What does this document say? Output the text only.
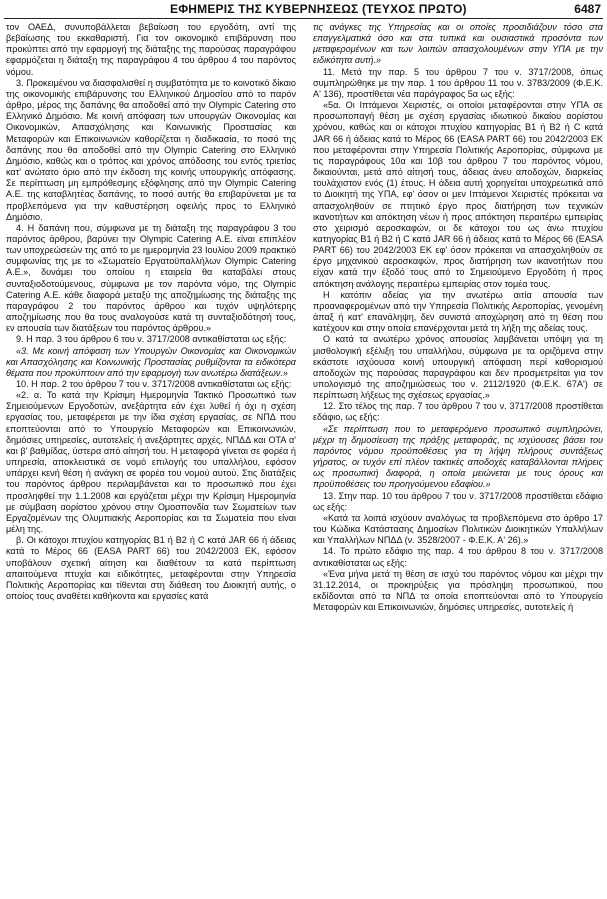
ΕΦΗΜΕΡΙΣ ΤΗΣ ΚΥΒΕΡΝΗΣΕΩΣ (ΤΕΥΧΟΣ ΠΡΩΤΟ)	6487

τον ΟΑΕΔ, συνυποβάλλεται βεβαίωση του εργοδότη, αντί της βεβαίωσης του εκκαθαριστή. Για τον οικονομικό επιβάρυνση που προκύπτει από την εφαρμογή της διάταξης της παρούσας παραγράφου εφαρμόζεται η διάταξη της παραγράφου 4 του άρθρου 4 του παρόντος νόμου.

3. Προκειμένου να διασφαλισθεί η συμβατότητα με το κοινοτικό δίκαιο της οικονομικής επιβάρυνσης του Ελληνικού Δημοσίου από το παρόν άρθρο, μέρος της δαπάνης θα αποδοθεί από την Olympic Catering στο Ελληνικό Δημόσιο. Με κοινή απόφαση των υπουργών Οικονομίας και Οικονομικών, Απασχόλησης και Κοινωνικής Προστασίας και Μεταφορών και Επικοινωνιών καθορίζεται η διαδικασία, το ποσό της δαπάνης που θα αποδοθεί από την Olympic Catering στο Ελληνικό Δημόσιο, καθώς και ο τρόπος και χρόνος απόδοσης του εντός τριετίας κατ' ανώτατο όριο από την έκδοση της κοινής υπουργικής απόφασης. Σε περίπτωση μη εμπρόθεσμης εξόφλησης από την Olympic Catering Α.Ε. της καταβλητέας δαπάνης, το ποσό αυτής θα επιβαρύνεται με τα προβλεπόμενα για την καθυστέρηση οφειλής προς το Ελληνικό Δημόσιο.

4. Η δαπάνη που, σύμφωνα με τη διάταξη της παραγράφου 3 του παρόντος άρθρου, βαρύνει την Olympic Catering Α.Ε. είναι επιπλέον των υποχρεώσεών της από το με ημερομηνία 23 Ιουλίου 2009 πρακτικό συμφωνίας της με το «Σωματείο Εργατοϋπαλλήλων Olympic Catering Α.Ε.», δυνάμει του οποίου η εταιρεία θα καταβάλει στους συνταξιοδοτούμενους, σύμφωνα με τον παρόντα νόμο, της Olympic Catering Α.Ε. κάθε διαφορά μεταξύ της αποζημίωσης της διάταξης της παραγράφου 2 του παρόντος άρθρου και τυχόν υψηλότερης αποζημίωσης που θα τους αναλογούσε κατά τη συνταξιοδότησή τους, εν απουσία των διατάξεων του παρόντος άρθρου.»

9. Η παρ. 3 του άρθρου 6 του ν. 3717/2008 αντικαθίσταται ως εξής:

«3. Με κοινή απόφαση των Υπουργών Οικονομίας και Οικονομικών και Απασχόλησης και Κοινωνικής Προστασίας ρυθμίζονται τα ειδικότερα θέματα που προκύπτουν από την εφαρμογή των ανωτέρω διατάξεων.»

10. Η παρ. 2 του άρθρου 7 του ν. 3717/2008 αντικαθίσταται ως εξής:

«2. α. Το κατά την Κρίσιμη Ημερομηνία Τακτικό Προσωπικό των Σημειούμενων Εργοδοτών, ανεξάρτητα εάν έχει λυθεί ή όχι η σχέση εργασίας του, μεταφέρεται με την ίδια σχέση εργασίας, σε ΝΠΔ που εποπτεύονται από το Υπουργείο Μεταφορών και Επικοινωνιών, δημόσιες υπηρεσίες, αυτοτελείς ή ανεξάρτητες αρχές, ΝΠΔΔ και ΟΤΑ α' και β' βαθμίδας, ύστερα από αίτησή του. Η μεταφορά γίνεται σε φορέα ή υπηρεσία, αποκλειστικά σε νομό επιλογής του υπαλλήλου, εφόσον υπάρχει κενή θέση ή ανάγκη σε φορέα του νομού αυτού. Στις διατάξεις του παρόντος άρθρου περιλαμβάνεται και το προσωπικό που έχει προσληφθεί την 1.1.2008 και εργάζεται μέχρι την Κρίσιμη Ημερομηνία με σύμβαση αορίστου χρόνου στην Ομοσπονδία των Σωματείων των Εργαζομένων της Ολυμπιακής Αεροπορίας και τα Σωματεία που είναι μέλη της.

β. Οι κάτοχοι πτυχίου κατηγορίας Β1 ή Β2 ή C κατά JAR 66 ή άδειας κατά το Μέρος 66 (EASA PART 66) του 2042/2003 ΕΚ, εφόσον υποβάλουν σχετική αίτηση και διαθέτουν τα κατά περίπτωση απαιτούμενα πτυχία και ειδικότητες, μεταφέρονται στην Υπηρεσία Πολιτικής Αεροπορίας και τίθενται στη διάθεση του Διοικητή αυτής, ο οποίος τους αναθέτει καθήκοντα και εργασίες κατά

τις ανάγκες της Υπηρεσίας και οι οποίες προσιδιάζουν τόσο στα επαγγελματικά όσο και στα τυπικά και ουσιαστικά προσόντα των μεταφερομένων και των λοιπών απασχολουμένων στην ΥΠΑ με την ειδικότητα αυτή.»

11. Μετά την παρ. 5 του άρθρου 7 του ν. 3717/2008, όπως συμπληρώθηκε με την παρ. 1 του άρθρου 11 του ν. 3783/2009 (Φ.Ε.Κ. Α' 136), προστίθεται νέα παράγραφος 5α ως εξής:

«5α. Οι Ιπτάμενοι Χειριστές, οι οποίοι μεταφέρονται στην ΥΠΑ σε προσωποπαγή θέση με σχέση εργασίας ιδιωτικού δικαίου αορίστου χρόνου, καθώς και οι κάτοχοι πτυχίου κατηγορίας Β1 ή Β2 ή C κατά JAR 66 ή άδειας κατά το Μέρος 66 (EASA PART 66) του 2042/2003 ΕΚ που μεταφέρονται στην Υπηρεσία Πολιτικής Αεροπορίας, σύμφωνα με τις παραγράφους 10α και 10β του άρθρου 7 του παρόντος νόμου, δικαιούνται, μετά από αίτησή τους, άδειας άνευ αποδοχών, διαρκείας τουλάχιστον ενός (1) έτους. Η άδεια αυτή χορηγείται υποχρεωτικά από το Διοικητή της ΥΠΑ, εφ' όσον οι μεν Ιπτάμενοι Χειριστές πρόκειται να απασχοληθούν σε πτητικό έργο προς διατήρηση των τεχνικών ικανοτήτων και απόκτηση νέων ή προς απόκτηση περαιτέρω εμπειρίας στο χειρισμό αεροσκαφών, οι δε κάτοχοι του ως άνω πτυχίου κατηγορίας Β1 ή Β2 ή C κατά JAR 66 ή άδειας κατά το Μέρος 66 (EASA PART 66) του 2042/2003 ΕΚ εφ' όσον πρόκειται να απασχοληθούν σε έργο μηχανικού αεροσκαφών, προς διατήρηση των ικανοτήτων που είχαν κατά την έξοδό τους από το Σημειούμενο Εργοδότη ή προς απόκτηση ανάλογης περαιτέρω εμπειρίας στον τομέα τους.

Η κατόπιν αδείας για την ανωτέρω αιτία απουσία των προαναφερομένων από την Υπηρεσία Πολιτικής Αεροπορίας, γενομένη άπαξ ή κατ' επανάληψη, δεν συνιστά αποχώρηση από τη θέση που κατέχουν και στην οποία επανέρχονται μετά τη λήξη της αδείας τους.

Ο κατά τα ανωτέρω χρόνος απουσίας λαμβάνεται υπόψη για τη μισθολογική εξέλιξη του υπαλλήλου, σύμφωνα με τα οριζόμενα στην εκάστοτε ισχύουσα κοινή υπουργική απόφαση περί καθορισμού αποδοχών της παρούσας παραγράφου και δεν προσμετρείται για τον υπολογισμό της αποζημιώσεως του ν. 2112/1920 (Φ.Ε.Κ. 67Α') σε περίπτωση λήξεως της σχέσεως εργασίας.»

12. Στο τέλος της παρ. 7 του άρθρου 7 του ν. 3717/2008 προστίθεται εδάφιο, ως εξής:

«Σε περίπτωση που το μεταφερόμενο προσωπικό συμπληρώνει, μέχρι τη δημοσίευση της πράξης μεταφοράς, τις ισχύουσες βάσει του παρόντος νόμου προϋποθέσεις για τη λήψη πλήρους συντάξεως γήρατος, οι τυχόν επί πλέον τακτικές αποδοχές καταβάλλονται πλήρεις ως προσωπική διαφορά, η οποία μειώνεται με τους όρους και προϋποθέσεις του προηγούμενου εδαφίου.»

13. Στην παρ. 10 του άρθρου 7 του ν. 3717/2008 προστίθεται εδάφιο ως εξής:

«Κατά τα λοιπά ισχύουν αναλόγως τα προβλεπόμενα στο άρθρο 17 του Κώδικα Κατάστασης Δημοσίων Πολιτικών Διοικητικών Υπαλλήλων και Υπαλλήλων ΝΠΔΔ (ν. 3528/2007 - Φ.Ε.Κ. Α' 26).»

14. Το πρώτο εδάφιο της παρ. 4 του άρθρου 8 του ν. 3717/2008 αντικαθίσταται ως εξής:

«Ένα μήνα μετά τη θέση σε ισχύ του παρόντος νόμου και μέχρι την 31.12.2014, οι προκηρύξεις για πρόσληψη προσωπικού, που εκδίδονται από τα ΝΠΔ τα οποία εποπτεύονται από το Υπουργείο Μεταφορών και Επικοινωνιών, δημόσιες υπηρεσίες, αυτοτελείς ή
